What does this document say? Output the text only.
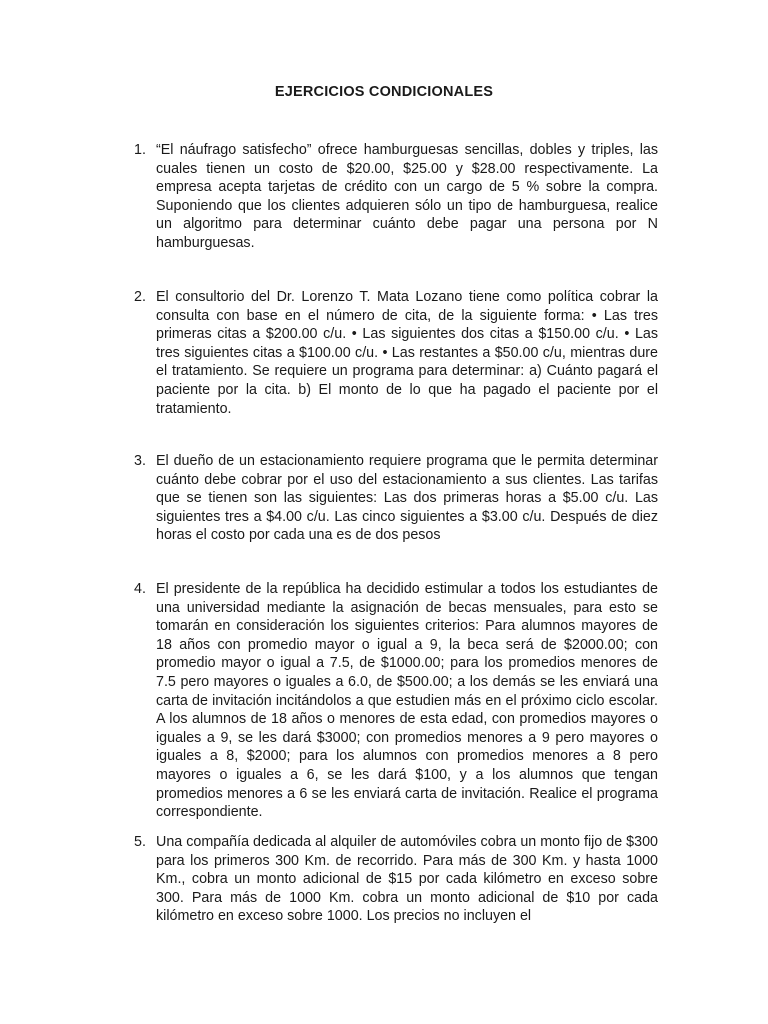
EJERCICIOS CONDICIONALES
1. “El náufrago satisfecho” ofrece hamburguesas sencillas, dobles y triples, las cuales tienen un costo de $20.00, $25.00 y $28.00 respectivamente. La empresa acepta tarjetas de crédito con un cargo de 5 % sobre la compra. Suponiendo que los clientes adquieren sólo un tipo de hamburguesa, realice un algoritmo para determinar cuánto debe pagar una persona por N hamburguesas.
2. El consultorio del Dr. Lorenzo T. Mata Lozano tiene como política cobrar la consulta con base en el número de cita, de la siguiente forma: • Las tres primeras citas a $200.00 c/u. • Las siguientes dos citas a $150.00 c/u. • Las tres siguientes citas a $100.00 c/u. • Las restantes a $50.00 c/u, mientras dure el tratamiento. Se requiere un programa para determinar: a) Cuánto pagará el paciente por la cita. b) El monto de lo que ha pagado el paciente por el tratamiento.
3. El dueño de un estacionamiento requiere programa que le permita determinar cuánto debe cobrar por el uso del estacionamiento a sus clientes. Las tarifas que se tienen son las siguientes: Las dos primeras horas a $5.00 c/u. Las siguientes tres a $4.00 c/u. Las cinco siguientes a $3.00 c/u. Después de diez horas el costo por cada una es de dos pesos
4. El presidente de la república ha decidido estimular a todos los estudiantes de una universidad mediante la asignación de becas mensuales, para esto se tomarán en consideración los siguientes criterios: Para alumnos mayores de 18 años con promedio mayor o igual a 9, la beca será de $2000.00; con promedio mayor o igual a 7.5, de $1000.00; para los promedios menores de 7.5 pero mayores o iguales a 6.0, de $500.00; a los demás se les enviará una carta de invitación incitándolos a que estudien más en el próximo ciclo escolar. A los alumnos de 18 años o menores de esta edad, con promedios mayores o iguales a 9, se les dará $3000; con promedios menores a 9 pero mayores o iguales a 8, $2000; para los alumnos con promedios menores a 8 pero mayores o iguales a 6, se les dará $100, y a los alumnos que tengan promedios menores a 6 se les enviará carta de invitación. Realice el programa correspondiente.
5. Una compañía dedicada al alquiler de automóviles cobra un monto fijo de $300 para los primeros 300 Km. de recorrido. Para más de 300 Km. y hasta 1000 Km., cobra un monto adicional de $15 por cada kilómetro en exceso sobre 300. Para más de 1000 Km. cobra un monto adicional de $10 por cada kilómetro en exceso sobre 1000. Los precios no incluyen el
